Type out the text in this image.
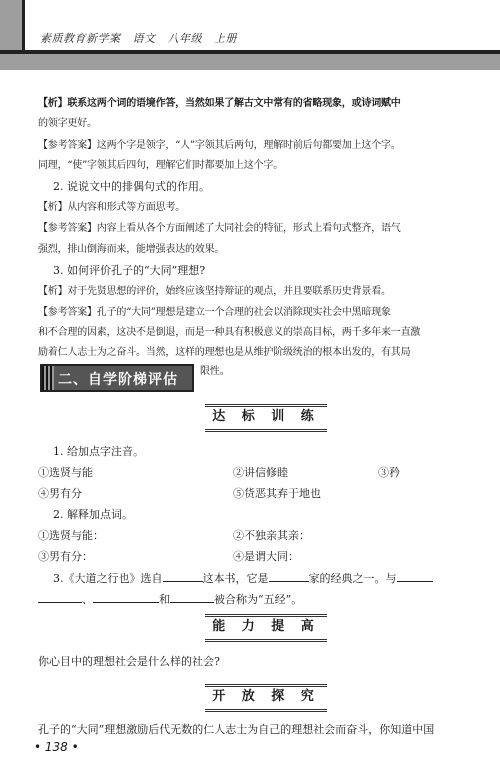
素质教育新学案   语文   八年级   上册
【析】联系这两个词的语境作答，当然如果了解古文中常有的省略现象，或诗词赋中
的领字更好。
【参考答案】这两个字是领字，“人”字领其后两句，理解时前后句都要加上这个字。
同理，“使”字领其后四句，理解它们时都要加上这个字。
2. 说说文中的排偶句式的作用。
【析】从内容和形式等方面思考。
【参考答案】内容上看从各个方面阐述了大同社会的特征，形式上看句式整齐，语气
强烈，排山倒海而来，能增强表达的效果。
3. 如何评价孔子的“大同”理想?
【析】对于先贤思想的评价，始终应该坚持辩证的观点，并且要联系历史背景看。
【参考答案】孔子的“大同”理想是建立一个合理的社会以消除现实社会中黑暗现象
和不合理的因素，这决不是倒退，而是一种具有积极意义的崇高目标，两千多年来一直激
励着仁人志士为之奋斗。当然，这样的理想也是从维护阶级统治的根本出发的，有其局
二、自学阶梯评估
限性。
达 标 训 练
1. 给加点字注音。
①选贤与能	②讲信修睦	③矜
④男有分	⑤货恶其弃于地也
2. 解释加点词。
①选贤与能：	②不独亲其亲：
③男有分：	④是谓大同：
3.《大道之行也》选自	这本书，它是	家的经典之一。与
、	和	被合称为“五经”。
能 力 提 高
你心目中的理想社会是什么样的社会?
开 放 探 究
孔子的“大同”理想激励后代无数的仁人志士为自己的理想社会而奋斗，你知道中国
• 138 •
